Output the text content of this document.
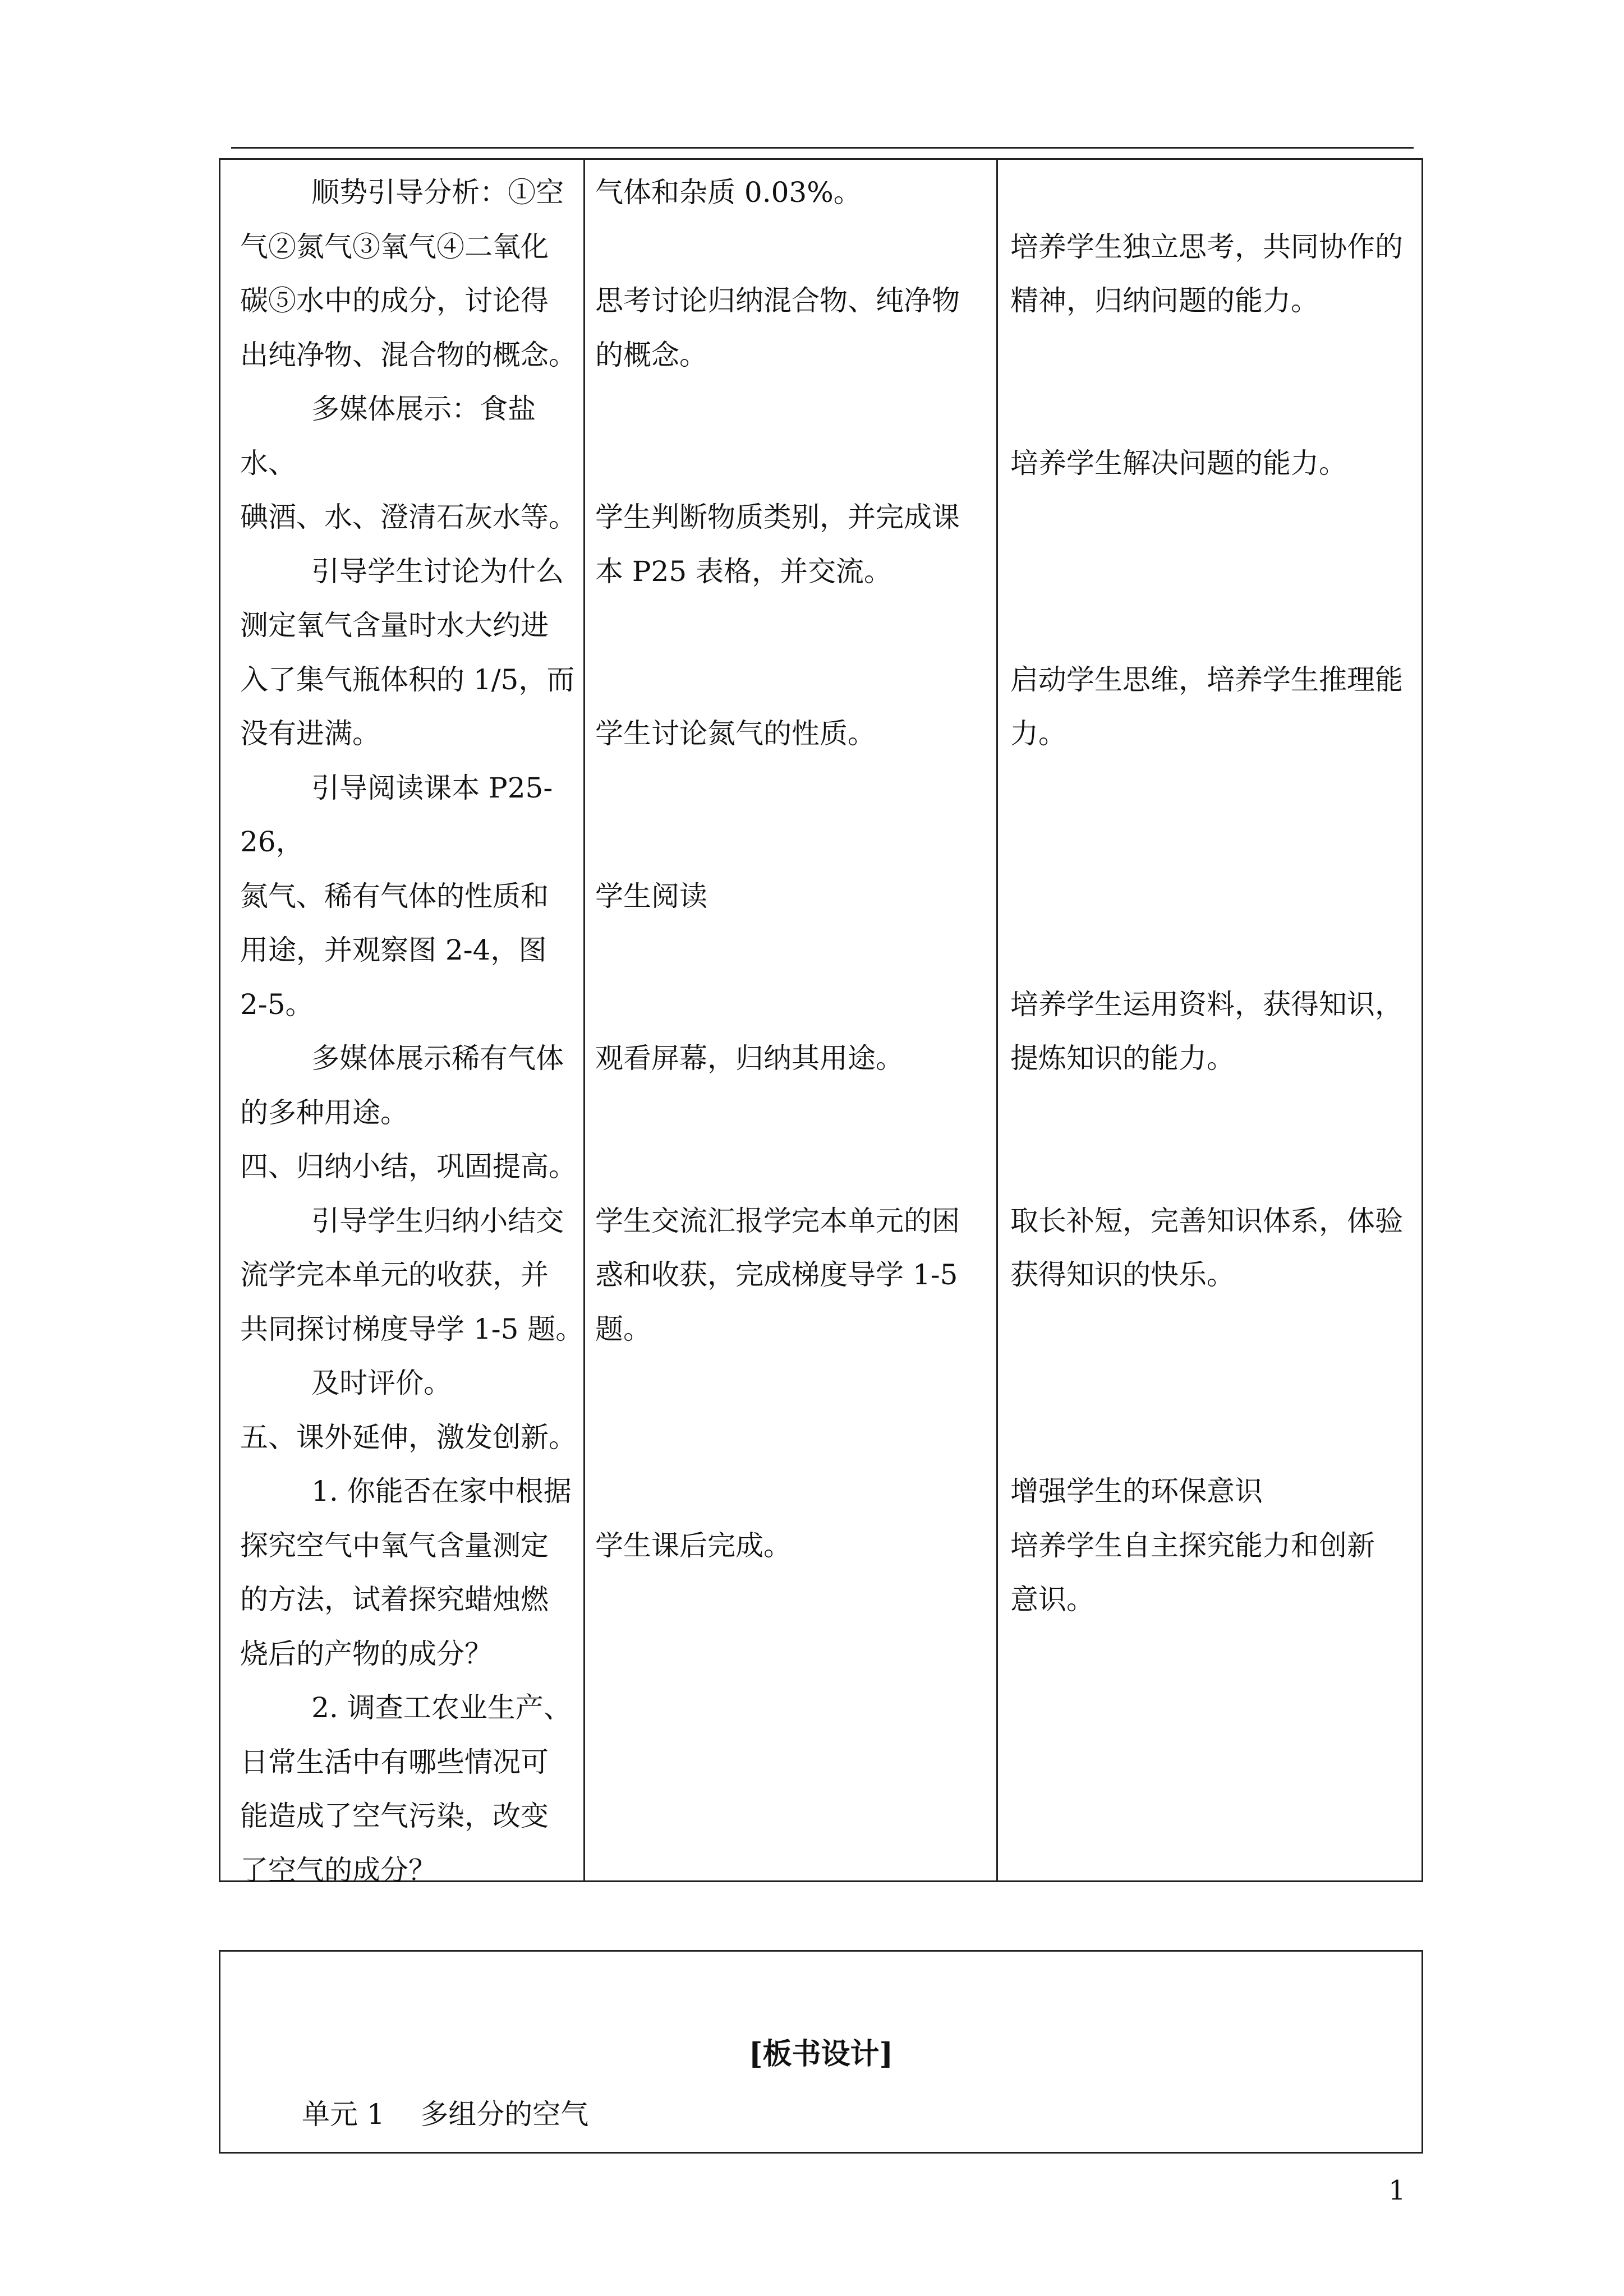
顺势引导分析：①空
气②氮气③氧气④二氧化
碳⑤水中的成分，讨论得
出纯净物、混合物的概念。
多媒体展示：食盐水、
碘酒、水、澄清石灰水等。
引导学生讨论为什么
测定氧气含量时水大约进
入了集气瓶体积的 1/5，而
没有进满。
引导阅读课本 P25-26，
氮气、稀有气体的性质和
用途，并观察图 2-4，图
2-5。
多媒体展示稀有气体
的多种用途。
四、归纳小结，巩固提高。
引导学生归纳小结交
流学完本单元的收获，并
共同探讨梯度导学 1-5 题。
及时评价。
五、课外延伸，激发创新。
1. 你能否在家中根据
探究空气中氧气含量测定
的方法，试着探究蜡烛燃
烧后的产物的成分？
2. 调查工农业生产、
日常生活中有哪些情况可
能造成了空气污染，改变
了空气的成分？
气体和杂质 0.03%。

思考讨论归纳混合物、纯净物
的概念。

学生判断物质类别，并完成课
本 P25 表格，并交流。

学生讨论氮气的性质。

学生阅读

观看屏幕，归纳其用途。

学生交流汇报学完本单元的困
惑和收获，完成梯度导学 1-5
题。

学生课后完成。

培养学生独立思考，共同协作的
精神，归纳问题的能力。

培养学生解决问题的能力。

启动学生思维，培养学生推理能
力。

培养学生运用资料，获得知识，
提炼知识的能力。

取长补短，完善知识体系，体验
获得知识的快乐。

增强学生的环保意识
培养学生自主探究能力和创新
意识。
[板书设计]
单元 1    多组分的空气
1
